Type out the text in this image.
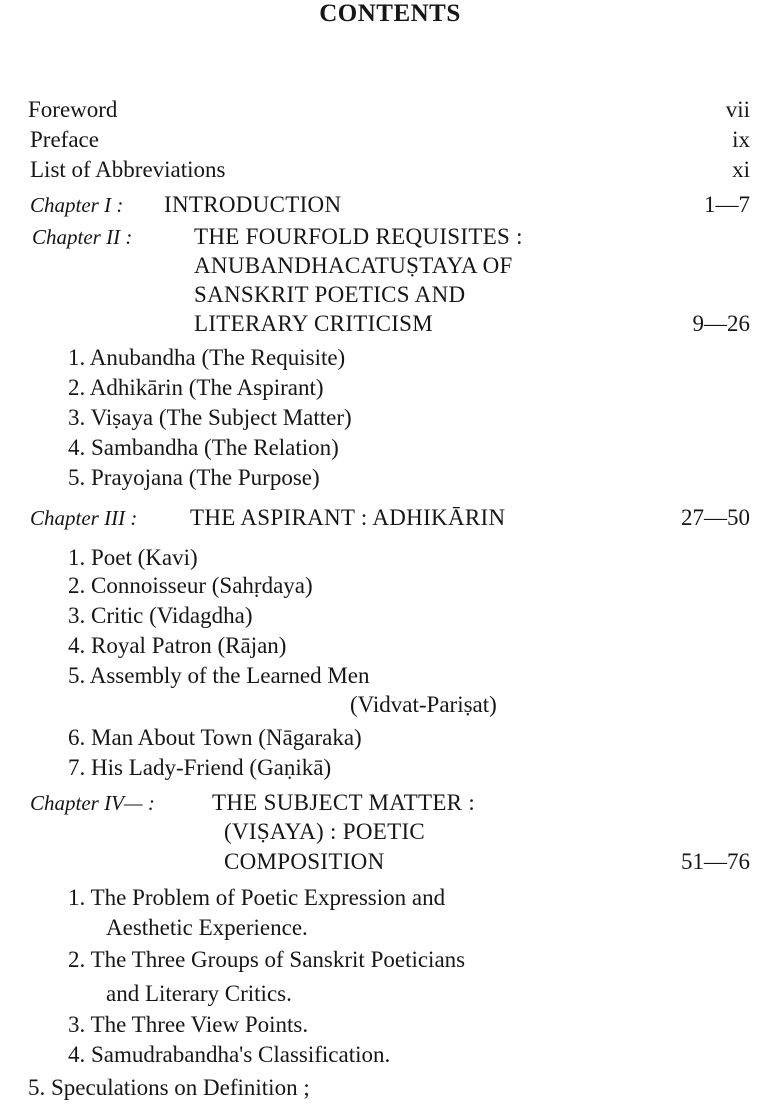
CONTENTS
Foreword	vii
Preface	ix
List of Abbreviations	xi
Chapter I : INTRODUCTION	1—7
Chapter II :	THE FOURFOLD REQUISITES :
ANUBANDHACATUṢTAYA OF
SANSKRIT POETICS AND
LITERARY CRITICISM	9—26
1. Anubandha (The Requisite)
2. Adhikārin (The Aspirant)
3. Viṣaya (The Subject Matter)
4. Sambandha (The Relation)
5. Prayojana (The Purpose)
Chapter III : THE ASPIRANT : ADHIKĀRIN	27—50
1. Poet (Kavi)
2. Connoisseur (Sahṛdaya)
3. Critic (Vidagdha)
4. Royal Patron (Rājan)
5. Assembly of the Learned Men
(Vidvat-Pariṣat)
6. Man About Town (Nāgaraka)
7. His Lady-Friend (Gaṇikā)
Chapter IV— : THE SUBJECT MATTER :
(VIṢAYA) : POETIC
COMPOSITION	51—76
1. The Problem of Poetic Expression and
Aesthetic Experience.
2. The Three Groups of Sanskrit Poeticians
and Literary Critics.
3. The Three View Points.
4. Samudrabandha's Classification.
5. Speculations on Definition ;
